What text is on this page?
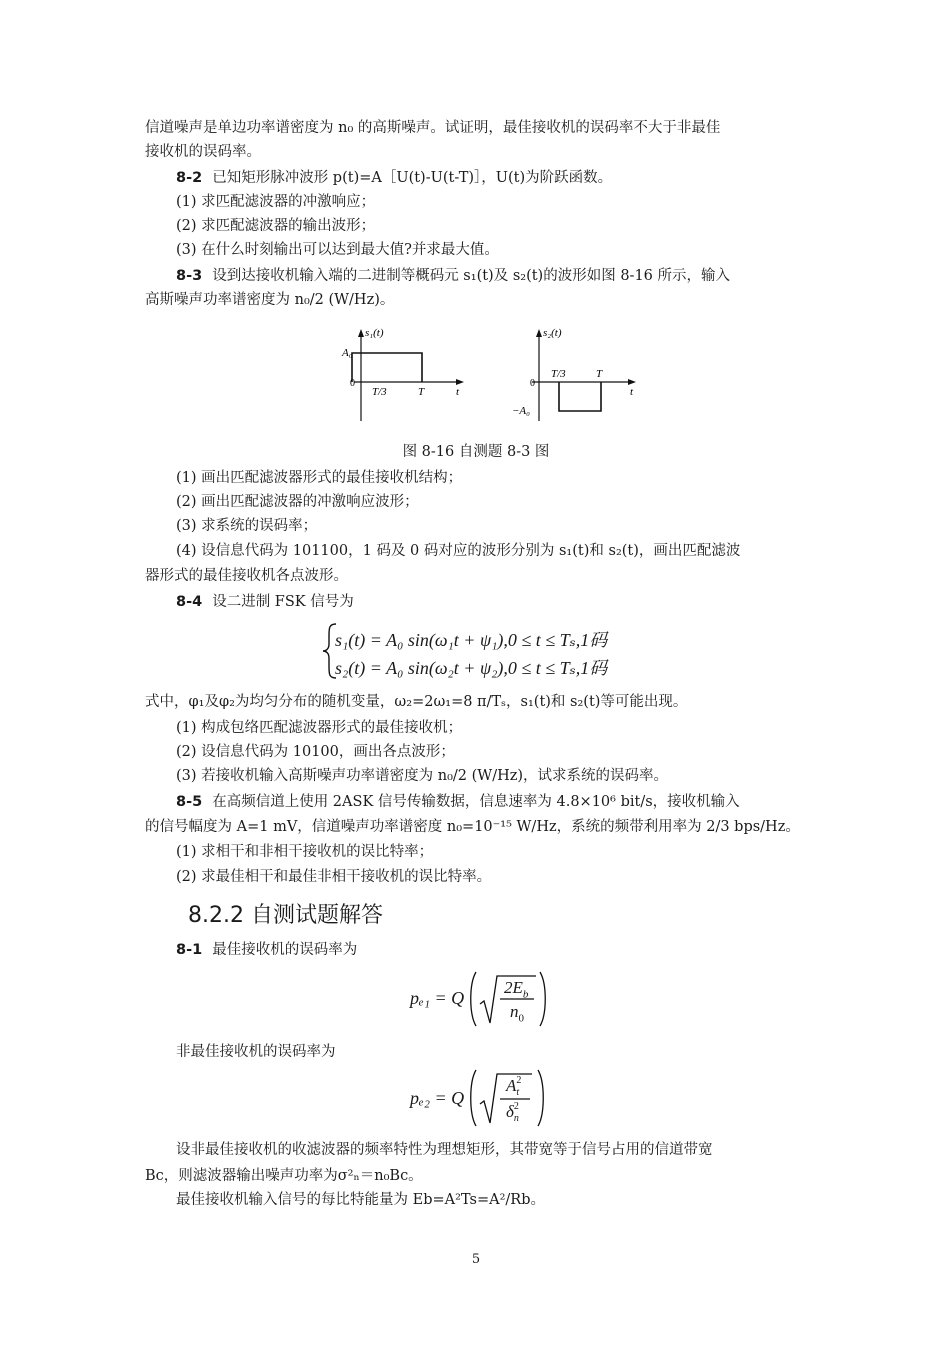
信道噪声是单边功率谱密度为 n₀ 的高斯噪声。试证明，最佳接收机的误码率不大于非最佳
接收机的误码率。
8-2 已知矩形脉冲波形 p(t)=A［U(t)-U(t-T)］，U(t)为阶跃函数。
(1) 求匹配滤波器的冲激响应；
(2) 求匹配滤波器的输出波形；
(3) 在什么时刻输出可以达到最大值?并求最大值。
8-3 设到达接收机输入端的二进制等概码元 s₁(t)及 s₂(t)的波形如图 8-16 所示，输入
高斯噪声功率谱密度为 n₀/2 (W/Hz)。
s₁(t)
A₀
0
T/3	T	t
s₂(t)
−A₀
0
T/3	T
t
图 8-16 自测题 8-3 图
(1) 画出匹配滤波器形式的最佳接收机结构；
(2) 画出匹配滤波器的冲激响应波形；
(3) 求系统的误码率；
(4) 设信息代码为 101100，1 码及 0 码对应的波形分别为 s₁(t)和 s₂(t)，画出匹配滤波
器形式的最佳接收机各点波形。
8-4 设二进制 FSK 信号为
s₁(t) = A₀ sin(ω₁t + ψ₁),0 ≤ t ≤ Tₛ,1码
s₂(t) = A₀ sin(ω₂t + ψ₂),0 ≤ t ≤ Tₛ,1码
式中，φ₁及φ₂为均匀分布的随机变量，ω₂=2ω₁=8 π/Tₛ，s₁(t)和 s₂(t)等可能出现。
(1) 构成包络匹配滤波器形式的最佳接收机；
(2) 设信息代码为 10100，画出各点波形；
(3) 若接收机输入高斯噪声功率谱密度为 n₀/2 (W/Hz)，试求系统的误码率。
8-5 在高频信道上使用 2ASK 信号传输数据，信息速率为 4.8×10⁶ bit/s，接收机输入
的信号幅度为 A=1 mV，信道噪声功率谱密度 n₀=10⁻¹⁵ W/Hz，系统的频带利用率为 2/3 bps/Hz。
(1) 求相干和非相干接收机的误比特率；
(2) 求最佳相干和最佳非相干接收机的误比特率。
8.2.2 自测试题解答
8-1 最佳接收机的误码率为
pₑ₁ = Q
$2E_b$
$n_0$
非最佳接收机的误码率为
pₑ₂ = Q
A 2
t
δ 2
n
设非最佳接收机的收滤波器的频率特性为理想矩形，其带宽等于信号占用的信道带宽
Bc，则滤波器输出噪声功率为σ²ₙ＝n₀Bc。
最佳接收机输入信号的每比特能量为 Eb=A²Ts=A²/Rb。
5
